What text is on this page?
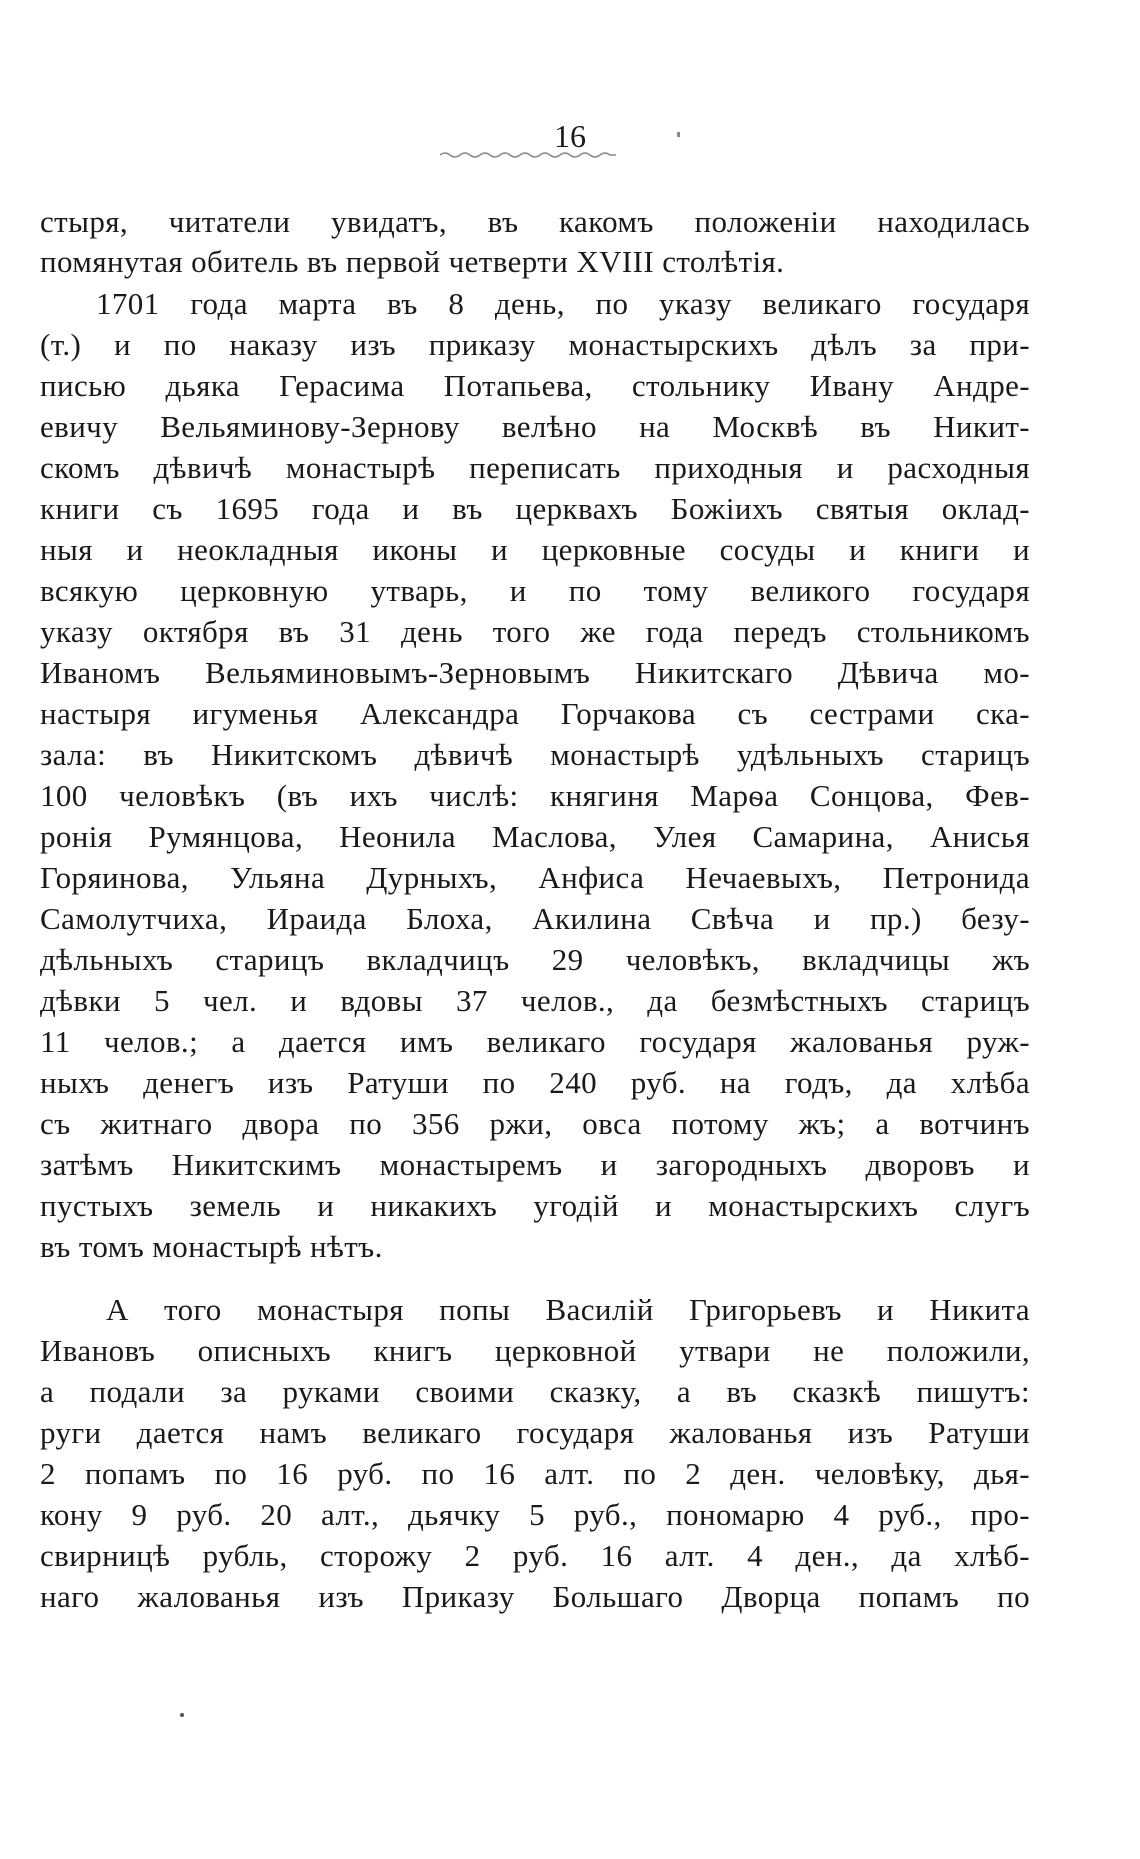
16
стыря, читатели увидатъ, въ какомъ положеніи находилась
помянутая обитель въ первой четверти XVIII столѣтія.
1701 года марта въ 8 день, по указу великаго государя
(т.) и по наказу изъ приказу монастырскихъ дѣлъ за при-
писью дьяка Герасима Потапьева, стольнику Ивану Андре-
евичу Вельяминову-Зернову велѣно на Москвѣ въ Никит-
скомъ дѣвичѣ монастырѣ переписать приходныя и расходныя
книги съ 1695 года и въ церквахъ Божіихъ святыя оклад-
ныя и неокладныя иконы и церковные сосуды и книги и
всякую церковную утварь, и по тому великого государя
указу октября въ 31 день того же года передъ стольникомъ
Иваномъ Вельяминовымъ-Зерновымъ Никитскаго Дѣвича мо-
настыря игуменья Александра Горчакова съ сестрами ска-
зала: въ Никитскомъ дѣвичѣ монастырѣ удѣльныхъ старицъ
100 человѣкъ (въ ихъ числѣ: княгиня Марѳа Сонцова, Фев-
ронія Румянцова, Неонила Маслова, Улея Самарина, Анисья
Горяинова, Ульяна Дурныхъ, Анфиса Нечаевыхъ, Петронида
Самолутчиха, Ираида Блоха, Акилина Свѣча и пр.) безу-
дѣльныхъ старицъ вкладчицъ 29 человѣкъ, вкладчицы жъ
дѣвки 5 чел. и вдовы 37 челов., да безмѣстныхъ старицъ
11 челов.; а дается имъ великаго государя жалованья руж-
ныхъ денегъ изъ Ратуши по 240 руб. на годъ, да хлѣба
съ житнаго двора по 356 ржи, овса потому жъ; а вотчинъ
затѣмъ Никитскимъ монастыремъ и загородныхъ дворовъ и
пустыхъ земель и никакихъ угодій и монастырскихъ слугъ
въ томъ монастырѣ нѣтъ.
А того монастыря попы Василій Григорьевъ и Никита
Ивановъ описныхъ книгъ церковной утвари не положили,
а подали за руками своими сказку, а въ сказкѣ пишутъ:
руги дается намъ великаго государя жалованья изъ Ратуши
2 попамъ по 16 руб. по 16 алт. по 2 ден. человѣку, дья-
кону 9 руб. 20 алт., дьячку 5 руб., пономарю 4 руб., про-
свирницѣ рубль, сторожу 2 руб. 16 алт. 4 ден., да хлѣб-
наго жалованья изъ Приказу Большаго Дворца попамъ по
